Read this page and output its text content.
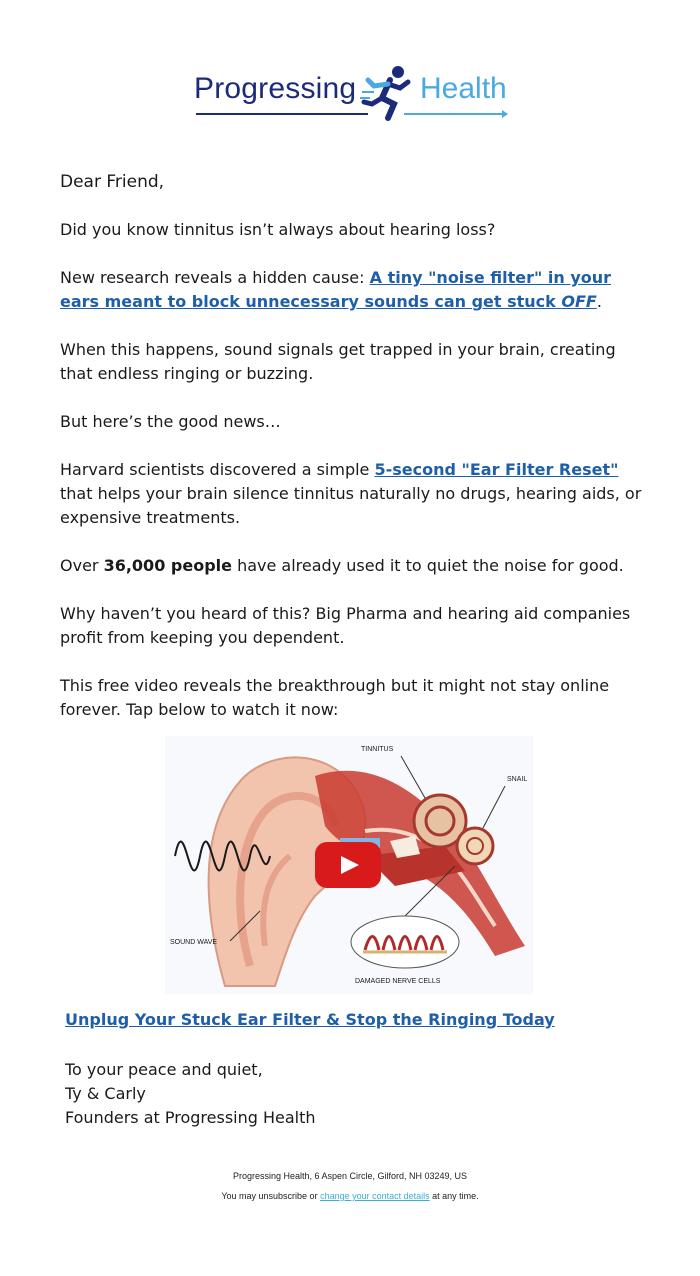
Progressing Health

Dear Friend,

Did you know tinnitus isn’t always about hearing loss?

New research reveals a hidden cause: A tiny "noise filter" in your ears meant to block unnecessary sounds can get stuck OFF.

When this happens, sound signals get trapped in your brain, creating that endless ringing or buzzing.

But here’s the good news…

Harvard scientists discovered a simple 5-second "Ear Filter Reset" that helps your brain silence tinnitus naturally no drugs, hearing aids, or expensive treatments.

Over 36,000 people have already used it to quiet the noise for good.

Why haven’t you heard of this? Big Pharma and hearing aid companies profit from keeping you dependent.

This free video reveals the breakthrough but it might not stay online forever. Tap below to watch it now:

TINNITUS
SNAIL
SOUND WAVE
DAMAGED NERVE CELLS
Unplug Your Stuck Ear Filter & Stop the Ringing Today
To your peace and quiet,
Ty & Carly
Founders at Progressing Health
Progressing Health, 6 Aspen Circle, Gilford, NH 03249, US
You may unsubscribe or change your contact details at any time.
